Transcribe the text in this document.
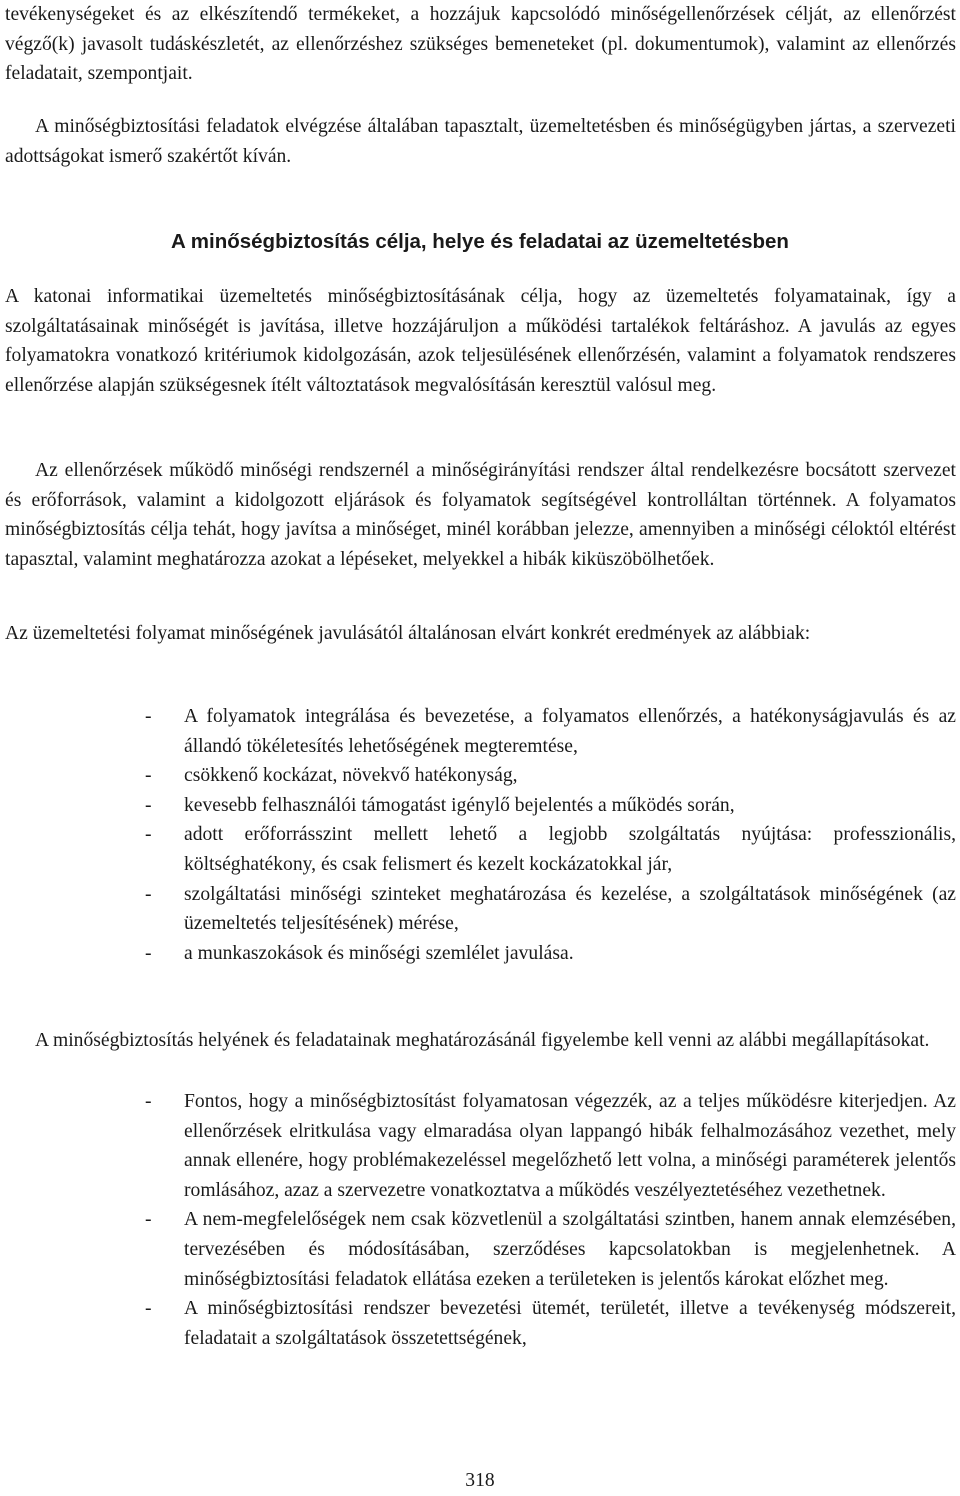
tevékenységeket és az elkészítendő termékeket, a hozzájuk kapcsolódó minőségellenőrzések célját, az ellenőrzést végző(k) javasolt tudáskészletét, az ellenőrzéshez szükséges bemeneteket (pl. dokumentumok), valamint az ellenőrzés feladatait, szempontjait.

A minőségbiztosítási feladatok elvégzése általában tapasztalt, üzemeltetésben és minőségügyben jártas, a szervezeti adottságokat ismerő szakértőt kíván.

A minőségbiztosítás célja, helye és feladatai az üzemeltetésben

A katonai informatikai üzemeltetés minőségbiztosításának célja, hogy az üzemeltetés folyamatainak, így a szolgáltatásainak minőségét is javítása, illetve hozzájáruljon a működési tartalékok feltáráshoz. A javulás az egyes folyamatokra vonatkozó kritériumok kidolgozásán, azok teljesülésének ellenőrzésén, valamint a folyamatok rendszeres ellenőrzése alapján szükségesnek ítélt változtatások megvalósításán keresztül valósul meg.

Az ellenőrzések működő minőségi rendszernél a minőségirányítási rendszer által rendelkezésre bocsátott szervezet és erőforrások, valamint a kidolgozott eljárások és folyamatok segítségével kontrolláltan történnek. A folyamatos minőségbiztosítás célja tehát, hogy javítsa a minőséget, minél korábban jelezze, amennyiben a minőségi céloktól eltérést tapasztal, valamint meghatározza azokat a lépéseket, melyekkel a hibák kiküszöbölhetőek.

Az üzemeltetési folyamat minőségének javulásától általánosan elvárt konkrét eredmények az alábbiak:

- A folyamatok integrálása és bevezetése, a folyamatos ellenőrzés, a hatékonyságjavulás és az állandó tökéletesítés lehetőségének megteremtése,
- csökkenő kockázat, növekvő hatékonyság,
- kevesebb felhasználói támogatást igénylő bejelentés a működés során,
- adott erőforrásszint mellett lehető a legjobb szolgáltatás nyújtása: professzionális, költséghatékony, és csak felismert és kezelt kockázatokkal jár,
- szolgáltatási minőségi szinteket meghatározása és kezelése, a szolgáltatások minőségének (az üzemeltetés teljesítésének) mérése,
- a munkaszokások és minőségi szemlélet javulása.

A minőségbiztosítás helyének és feladatainak meghatározásánál figyelembe kell venni az alábbi megállapításokat.

- Fontos, hogy a minőségbiztosítást folyamatosan végezzék, az a teljes működésre kiterjedjen. Az ellenőrzések elritkulása vagy elmaradása olyan lappangó hibák felhalmozásához vezethet, mely annak ellenére, hogy problémakezeléssel megelőzhető lett volna, a minőségi paraméterek jelentős romlásához, azaz a szervezetre vonatkoztatva a működés veszélyeztetéséhez vezethetnek.
- A nem-megfelelőségek nem csak közvetlenül a szolgáltatási szintben, hanem annak elemzésében, tervezésében és módosításában, szerződéses kapcsolatokban is megjelenhetnek. A minőségbiztosítási feladatok ellátása ezeken a területeken is jelentős károkat előzhet meg.
- A minőségbiztosítási rendszer bevezetési ütemét, területét, illetve a tevékenység módszereit, feladatait a szolgáltatások összetettségének,
318
